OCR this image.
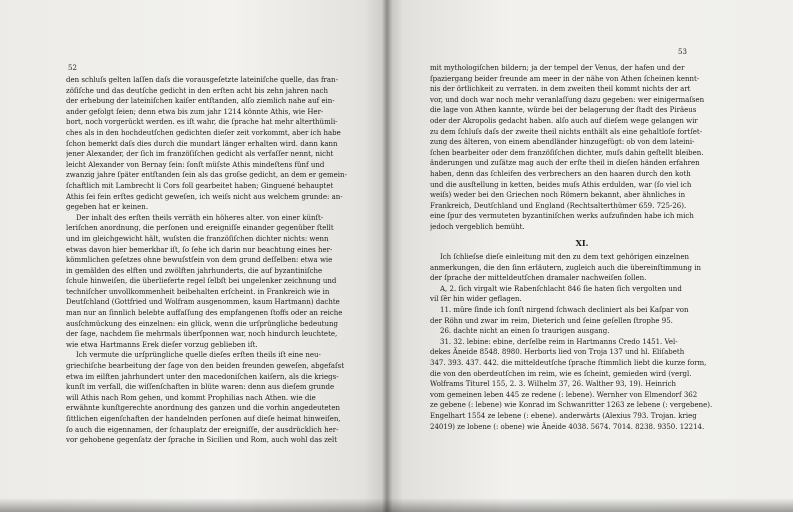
52

den schluſs gelten laſſen daſs die vorausgeſetzte lateiniſche quelle, das fran-

zöſiſche und das deutſche gedicht in den erſten acht bis zehn jahren nach

der erhebung der lateiniſchen kaiſer entſtanden, alſo ziemlich nahe auf ein-

ander gefolgt ſeien; denn etwa bis zum jahr 1214 könnte Athis, wie Her-

bort, noch vorgerückt werden. es iſt wahr, die ſprache hat mehr alterthümli-

ches als in den hochdeutſchen gedichten dieſer zeit vorkommt, aber ich habe

ſchon bemerkt daſs dies durch die mundart länger erhalten wird. dann kann

jener Alexander, der ſich im franzöſiſchen gedicht als verfaſſer nennt, nicht

leicht Alexander von Bernay ſein: ſonſt müſste Athis mindeſtens fünf und

zwanzig jahre ſpäter entſtanden ſein als das groſse gedicht, an dem er gemein-

ſchaftlich mit Lambrecht li Cors foll gearbeitet haben; Ginguené behauptet

Athis ſei fein erſtes gedicht geweſen, ich weiſs nicht aus welchem grunde: an-

gegeben hat er keinen.

Der inhalt des erſten theils verräth ein höheres alter. von einer künſt-

leriſchen anordnung, die perſonen und ereigniſſe einander gegenüber ſtellt

und im gleichgewicht hält, wuſsten die franzöſiſchen dichter nichts: wenn

etwas davon hier bemerkbar iſt, ſo ſehe ich darin nur beachtung eines her-

kömmlichen geſetzes ohne bewuſstſein von dem grund deſſelben: etwa wie

in gemälden des elften und zwölften jahrhunderts, die auf byzantiniſche

ſchule hinweiſen, die überlieferte regel ſelbſt bei ungelenker zeichnung und

techniſcher unvollkommenheit beibehalten erſcheint. in Frankreich wie in

Deutſchland (Gottfried und Wolfram ausgenommen, kaum Hartmann) dachte

man nur an ſinnlich belebte auffaſſung des empfangenen ſtoffs oder an reiche

ausſchmückung des einzelnen: ein glück, wenn die urſprüngliche bedeutung

der ſage, nachdem ſie mehrmals überſponnen war, noch hindurch leuchtete,

wie etwa Hartmanns Erek dieſer vorzug geblieben iſt.

Ich vermute die urſprüngliche quelle dieſes erſten theils iſt eine neu-

griechiſche bearbeitung der ſage von den beiden freunden geweſen, abgefaſst

etwa im eilften jahrhundert unter den macedoniſchen kaiſern, als die kriegs-

kunſt im verfall, die wiſſenſchaften in blüte waren: denn aus dieſem grunde

will Athis nach Rom gehen, und kommt Prophilias nach Athen. wie die

erwähnte kunſtgerechte anordnung des ganzen und die vorhin angedeuteten

ſittlichen eigenſchaften der handelnden perſonen auf dieſe heimat hinweiſen,

ſo auch die eigennamen, der ſchauplatz der ereigniſſe, der ausdrücklich her-

vor gehobene gegenſatz der ſprache in Sicilien und Rom, auch wohl das zelt

53

mit mythologiſchen bildern; ja der tempel der Venus, der hafen und der

ſpaziergang beider freunde am meer in der nähe von Athen ſcheinen kennt-

nis der örtlichkeit zu verraten. in dem zweiten theil kommt nichts der art

vor, und doch war noch mehr veranlaſſung dazu gegeben: wer einigermaſsen

die lage von Athen kannte, würde bei der belagerung der ſtadt des Piräeus

oder der Akropolis gedacht haben. alſo auch auf dieſem wege gelangen wir

zu dem ſchluſs daſs der zweite theil nichts enthält als eine gehaltloſe fortſet-

zung des älteren, von einem abendländer hinzugefügt: ob von dem lateini-

ſchen bearbeiter oder dem franzöſiſchen dichter, muſs dahin geſtellt bleiben.

änderungen und zuſätze mag auch der erſte theil in dieſen händen erfahren

haben, denn das ſchleifen des verbrechers an den haaren durch den koth

und die ausſtellung in ketten, beides muſs Athis erdulden, war (ſo viel ich

weiſs) weder bei den Griechen noch Römern bekannt, aber ähnliches in

Frankreich, Deutſchland und England (Rechtsalterthümer 659. 725-26).

eine ſpur des vermuteten byzantiniſchen werks aufzufinden habe ich mich

jedoch vergeblich bemüht.

XI.

Ich ſchlieſse dieſe einleitung mit den zu dem text gehörigen einzelnen

anmerkungen, die den ſinn erläutern, zugleich auch die übereinſtimmung in

der ſprache der mitteldeutſchen dramaler nachweiſen ſollen.

A, 2. ſich virgalt wie Rabenſchlacht 846 ſie haten ſich vergolten und

vil ſêr hin wider geflagen.

11. mûre ſinde ich ſonſt nirgend ſchwach decliniert als bei Kaſpar von

der Röhn und zwar im reim, Dieterich und ſeine geſellen ſtrophe 95.

26. dachte nicht an einen ſo traurigen ausgang.

31. 32. lebine: ebine, derſelbe reim in Hartmanns Credo 1451. Vel-

dekes Äneide 8548. 8980. Herborts lied von Troja 137 und hl. Eliſabeth

347. 393. 437. 442. die mitteldeutſche ſprache ſtimmlich liebt die kurze form,

die von den oberdeutſchen im reim, wie es ſcheint, gemieden wird (vergl.

Wolframs Titurel 155, 2. 3. Wilhelm 37, 26. Walther 93, 19). Heinrich

vom gemeinen leben 445 ze redene (: lebene). Wernher von Elmendorf 362

ze gebene (: lebene) wie Konrad im Schwanritter 1263 ze lebene (: vergebene).

Engelhart 1554 ze lebene (: ebene). anderwärts (Alexius 793. Trojan. krieg

24019) ze lobene (: obene) wie Äneide 4038. 5674. 7014. 8238. 9350. 12214.
